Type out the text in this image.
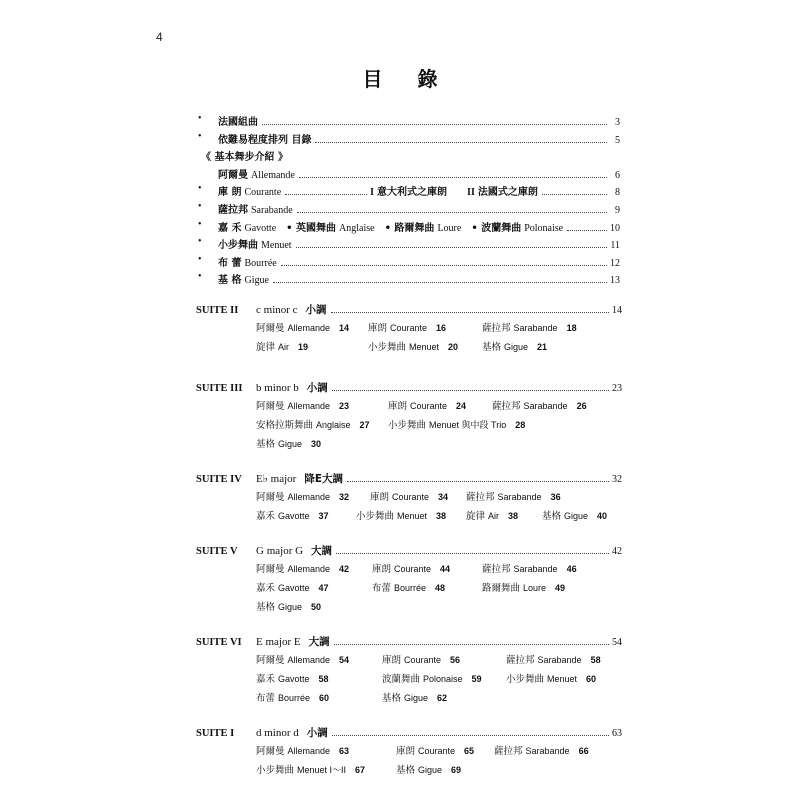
4
目 錄
•	法國組曲	3
•	依難易程度排列 目錄	5
《 基本舞步介紹 》
阿爾曼 Allemande	6
•	庫 朗 Courante	I 意大利式之庫朗 II 法國式之庫朗	8
•	薩拉邦 Sarabande	9
•	嘉 禾 Gavotte • 英國舞曲 Anglaise • 路爾舞曲 Loure • 波蘭舞曲 Polonaise	10
•	小步舞曲 Menuet	11
•	布 蕾 Bourrée	12
•	基 格 Gigue	13
SUITE II	c minor c 小調	14
阿爾曼 Allemande 14 庫朗 Courante 16	薩拉邦 Sarabande 18
旋律 Air 19	小步舞曲 Menuet 20	基格 Gigue 21
SUITE III	b minor b 小調	23
阿爾曼 Allemande 23	庫朗 Courante 24	薩拉邦 Sarabande 26
安格拉斯舞曲 Anglaise 27 小步舞曲 Menuet 與中段 Trio 28
基格 Gigue 30
SUITE IV	E♭ major 降E大調	32
阿爾曼 Allemande 32 庫朗 Courante 34 薩拉邦 Sarabande 36
嘉禾 Gavotte 37	小步舞曲 Menuet 38 旋律 Air 38	基格 Gigue 40
SUITE V	G major G 大調	42
阿爾曼 Allemande 42 庫朗 Courante 44	薩拉邦 Sarabande 46
嘉禾 Gavotte 47	布蕾 Bourrée 48	路爾舞曲 Loure 49
基格 Gigue 50
SUITE VI	E major E 大調	54
阿爾曼 Allemande 54	庫朗 Courante 56	薩拉邦 Sarabande 58
嘉禾 Gavotte 58	波蘭舞曲 Polonaise 59	小步舞曲 Menuet 60
布蕾 Bourrée 60	基格 Gigue 62
SUITE I	d minor d 小調	63
阿爾曼 Allemande 63	庫朗 Courante 65 薩拉邦 Sarabande 66
小步舞曲 Menuet I～II 67	基格 Gigue 69
